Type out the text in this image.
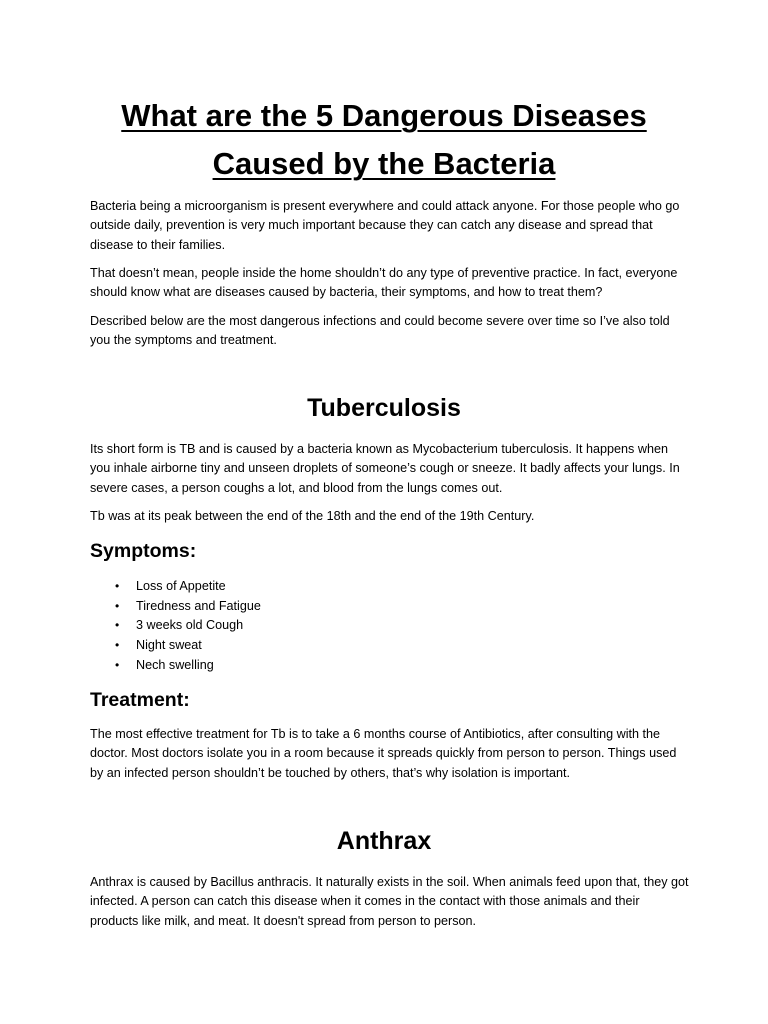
What are the 5 Dangerous Diseases
Caused by the Bacteria

Bacteria being a microorganism is present everywhere and could attack anyone. For those people who go outside daily, prevention is very much important because they can catch any disease and spread that disease to their families.

That doesn’t mean, people inside the home shouldn’t do any type of preventive practice. In fact, everyone should know what are diseases caused by bacteria, their symptoms, and how to treat them?

Described below are the most dangerous infections and could become severe over time so I’ve also told you the symptoms and treatment.

Tuberculosis

Its short form is TB and is caused by a bacteria known as Mycobacterium tuberculosis. It happens when you inhale airborne tiny and unseen droplets of someone’s cough or sneeze. It badly affects your lungs. In severe cases, a person coughs a lot, and blood from the lungs comes out.

Tb was at its peak between the end of the 18th and the end of the 19th Century.

Symptoms:
• Loss of Appetite
• Tiredness and Fatigue
• 3 weeks old Cough
• Night sweat
• Nech swelling
Treatment:

The most effective treatment for Tb is to take a 6 months course of Antibiotics, after consulting with the doctor. Most doctors isolate you in a room because it spreads quickly from person to person. Things used by an infected person shouldn’t be touched by others, that’s why isolation is important.

Anthrax

Anthrax is caused by Bacillus anthracis. It naturally exists in the soil. When animals feed upon that, they got infected. A person can catch this disease when it comes in the contact with those animals and their products like milk, and meat. It doesn't spread from person to person.
